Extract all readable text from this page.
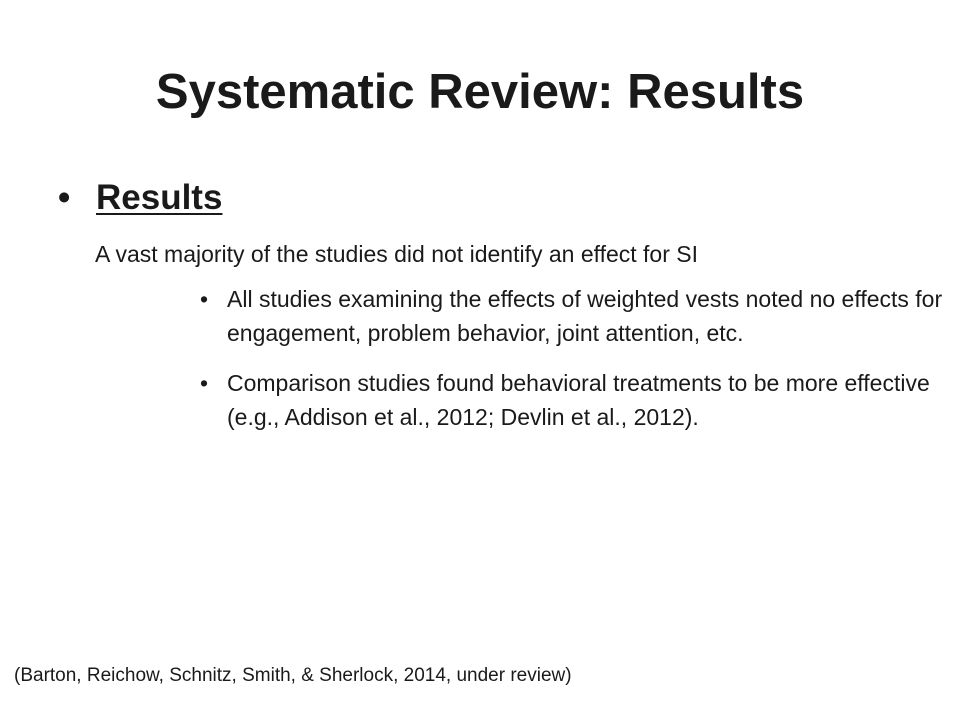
Systematic Review: Results
• Results

A vast majority of the studies did not identify an effect for SI

• All studies examining the effects of weighted vests noted no effects for engagement, problem behavior, joint attention, etc.
• Comparison studies found behavioral treatments to be more effective (e.g., Addison et al., 2012; Devlin et al., 2012).

(Barton, Reichow, Schnitz, Smith, & Sherlock, 2014, under review)
